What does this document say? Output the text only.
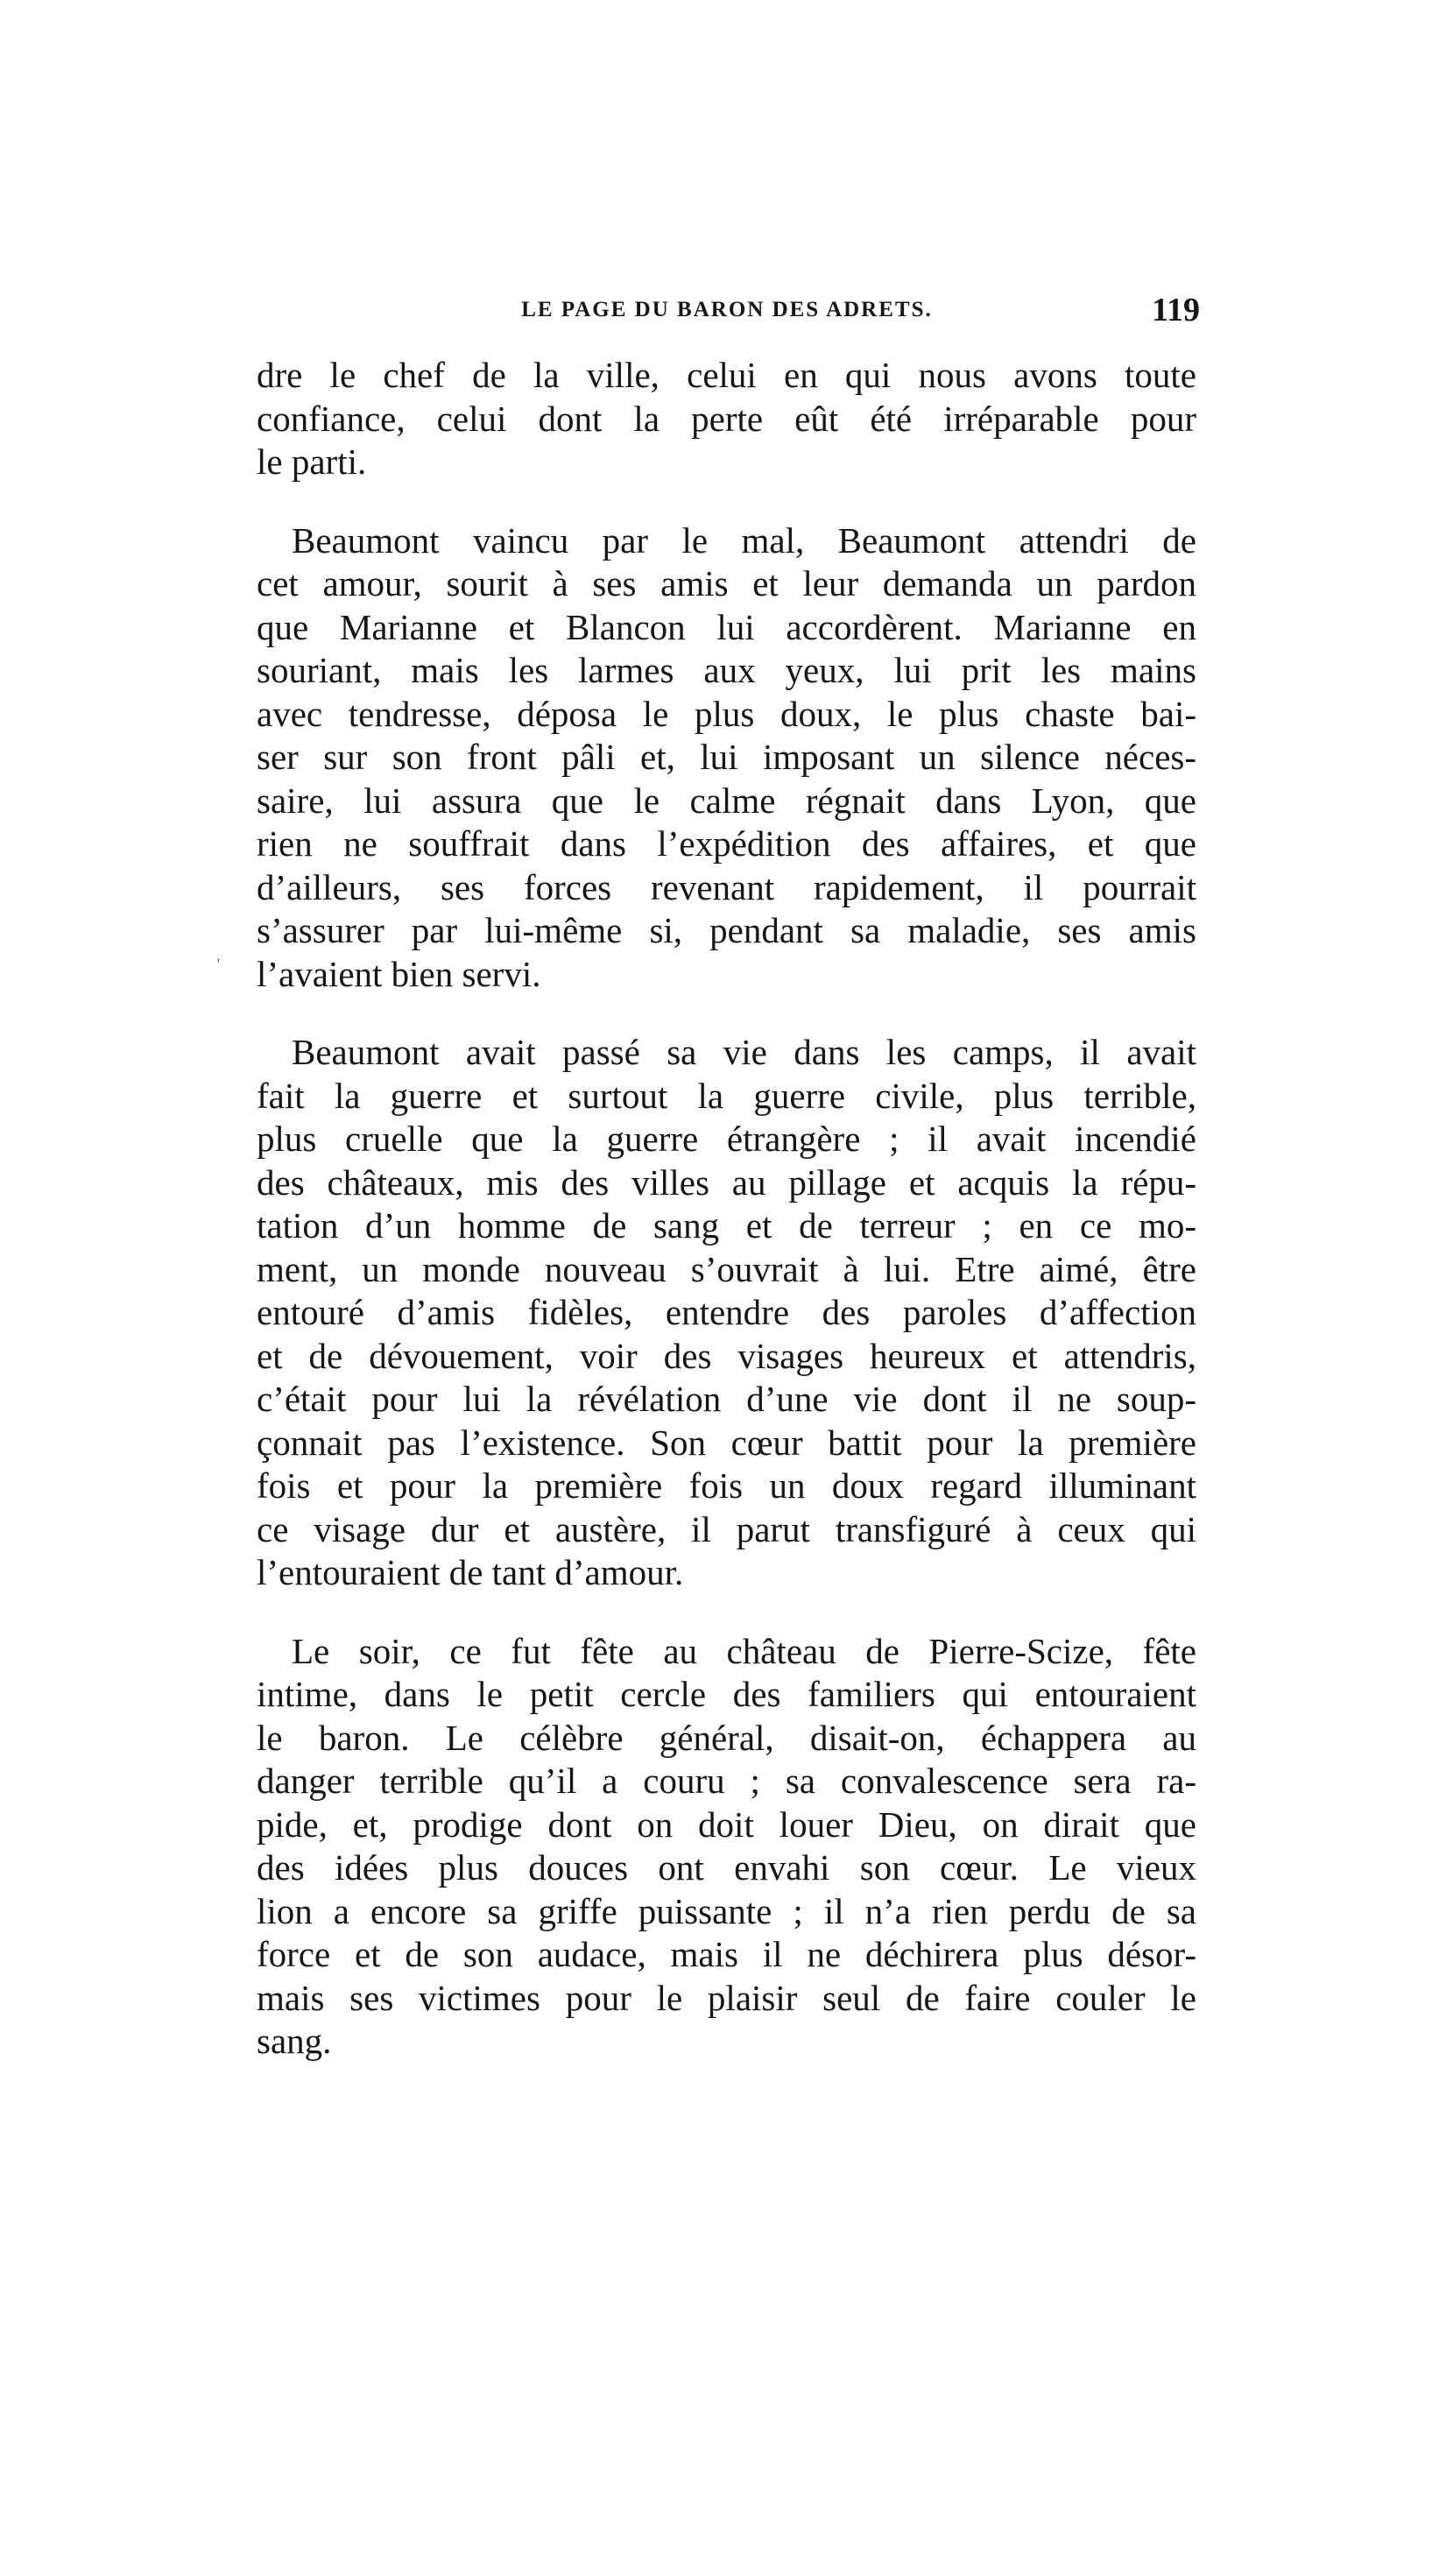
LE PAGE DU BARON DES ADRETS.	119
dre le chef de la ville, celui en qui nous avons toute
confiance, celui dont la perte eût été irréparable pour
le parti.
Beaumont vaincu par le mal, Beaumont attendri de
cet amour, sourit à ses amis et leur demanda un pardon
que Marianne et Blancon lui accordèrent. Marianne en
souriant, mais les larmes aux yeux, lui prit les mains
avec tendresse, déposa le plus doux, le plus chaste bai-
ser sur son front pâli et, lui imposant un silence néces-
saire, lui assura que le calme régnait dans Lyon, que
rien ne souffrait dans l’expédition des affaires, et que
d’ailleurs, ses forces revenant rapidement, il pourrait
s’assurer par lui-même si, pendant sa maladie, ses amis
l’avaient bien servi.
Beaumont avait passé sa vie dans les camps, il avait
fait la guerre et surtout la guerre civile, plus terrible,
plus cruelle que la guerre étrangère ; il avait incendié
des châteaux, mis des villes au pillage et acquis la répu-
tation d’un homme de sang et de terreur ; en ce mo-
ment, un monde nouveau s’ouvrait à lui. Etre aimé, être
entouré d’amis fidèles, entendre des paroles d’affection
et de dévouement, voir des visages heureux et attendris,
c’était pour lui la révélation d’une vie dont il ne soup-
çonnait pas l’existence. Son cœur battit pour la première
fois et pour la première fois un doux regard illuminant
ce visage dur et austère, il parut transfiguré à ceux qui
l’entouraient de tant d’amour.
Le soir, ce fut fête au château de Pierre-Scize, fête
intime, dans le petit cercle des familiers qui entouraient
le baron. Le célèbre général, disait-on, échappera au
danger terrible qu’il a couru ; sa convalescence sera ra-
pide, et, prodige dont on doit louer Dieu, on dirait que
des idées plus douces ont envahi son cœur. Le vieux
lion a encore sa griffe puissante ; il n’a rien perdu de sa
force et de son audace, mais il ne déchirera plus désor-
mais ses victimes pour le plaisir seul de faire couler le
sang.
ˈ
